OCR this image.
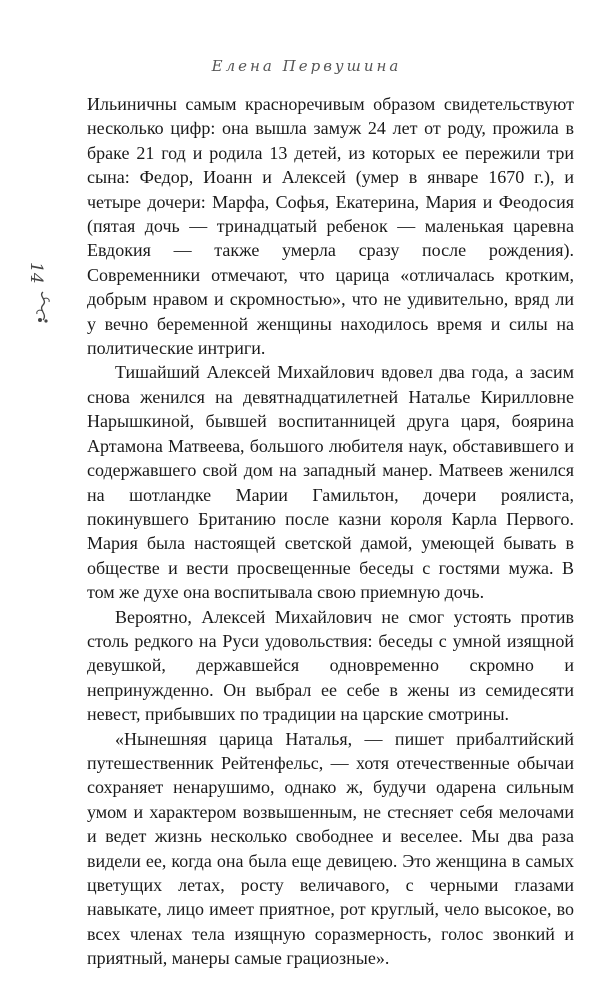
Елена Первушина
14

Ильиничны самым красноречивым образом свидетельствуют несколько цифр: она вышла замуж 24 лет от роду, прожила в браке 21 год и родила 13 детей, из которых ее пережили три сына: Федор, Иоанн и Алексей (умер в январе 1670 г.), и четыре дочери: Марфа, Софья, Екатерина, Мария и Феодосия (пятая дочь — тринадцатый ребенок — маленькая царевна Евдокия — также умерла сразу после рождения). Современники отмечают, что царица «отличалась кротким, добрым нравом и скромностью», что не удивительно, вряд ли у вечно беременной женщины находилось время и силы на политические интриги.

Тишайший Алексей Михайлович вдовел два года, а засим снова женился на девятнадцатилетней Наталье Кирилловне Нарышкиной, бывшей воспитанницей друга царя, боярина Артамона Матвеева, большого любителя наук, обставившего и содержавшего свой дом на западный манер. Матвеев женился на шотландке Марии Гамильтон, дочери роялиста, покинувшего Британию после казни короля Карла Первого. Мария была настоящей светской дамой, умеющей бывать в обществе и вести просвещенные беседы с гостями мужа. В том же духе она воспитывала свою приемную дочь.

Вероятно, Алексей Михайлович не смог устоять против столь редкого на Руси удовольствия: беседы с умной изящной девушкой, державшейся одновременно скромно и непринужденно. Он выбрал ее себе в жены из семидесяти невест, прибывших по традиции на царские смотрины.

«Нынешняя царица Наталья, — пишет прибалтийский путешественник Рейтенфельс, — хотя отечественные обычаи сохраняет ненарушимо, однако ж, будучи одарена сильным умом и характером возвышенным, не стесняет себя мелочами и ведет жизнь несколько свободнее и веселее. Мы два раза видели ее, когда она была еще девицею. Это женщина в самых цветущих летах, росту величавого, с черными глазами навыкате, лицо имеет приятное, рот круглый, чело высокое, во всех членах тела изящную соразмерность, голос звонкий и приятный, манеры самые грациозные».
